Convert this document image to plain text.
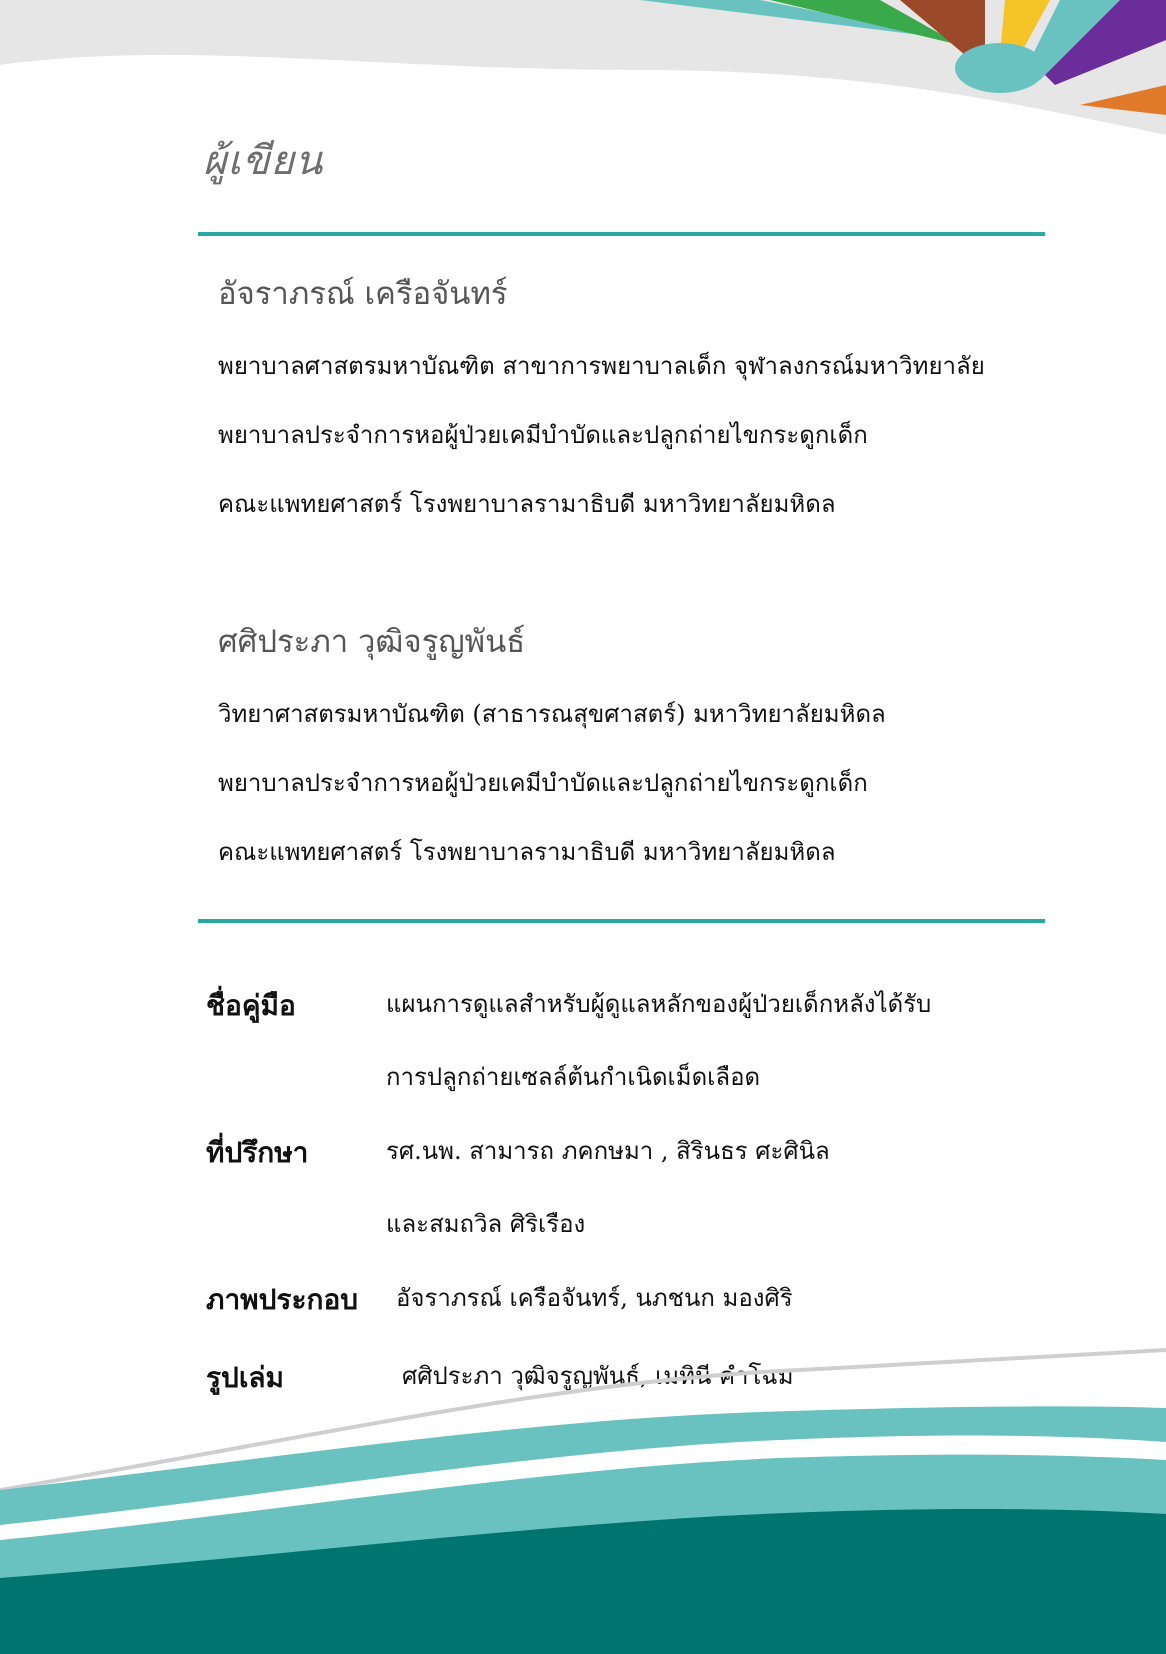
ผู้เขียน
อัจราภรณ์ เครือจันทร์
พยาบาลศาสตรมหาบัณฑิต สาขาการพยาบาลเด็ก จุฬาลงกรณ์มหาวิทยาลัย
พยาบาลประจำการหอผู้ป่วยเคมีบำบัดและปลูกถ่ายไขกระดูกเด็ก
คณะแพทยศาสตร์ โรงพยาบาลรามาธิบดี มหาวิทยาลัยมหิดล
ศศิประภา วุฒิจรูญพันธ์
วิทยาศาสตรมหาบัณฑิต (สาธารณสุขศาสตร์) มหาวิทยาลัยมหิดล
พยาบาลประจำการหอผู้ป่วยเคมีบำบัดและปลูกถ่ายไขกระดูกเด็ก
คณะแพทยศาสตร์ โรงพยาบาลรามาธิบดี มหาวิทยาลัยมหิดล
ชื่อคู่มือ	แผนการดูแลสำหรับผู้ดูแลหลักของผู้ป่วยเด็กหลังได้รับ
การปลูกถ่ายเซลล์ต้นกำเนิดเม็ดเลือด
ที่ปรึกษา	รศ.นพ. สามารถ ภคกษมา , สิรินธร ศะศินิล
และสมถวิล ศิริเรือง
ภาพประกอบ อัจราภรณ์ เครือจันทร์, นภชนก มองศิริ
รูปเล่ม	ศศิประภา วุฒิจรูญพันธ์, เมทินี คำโฉม
